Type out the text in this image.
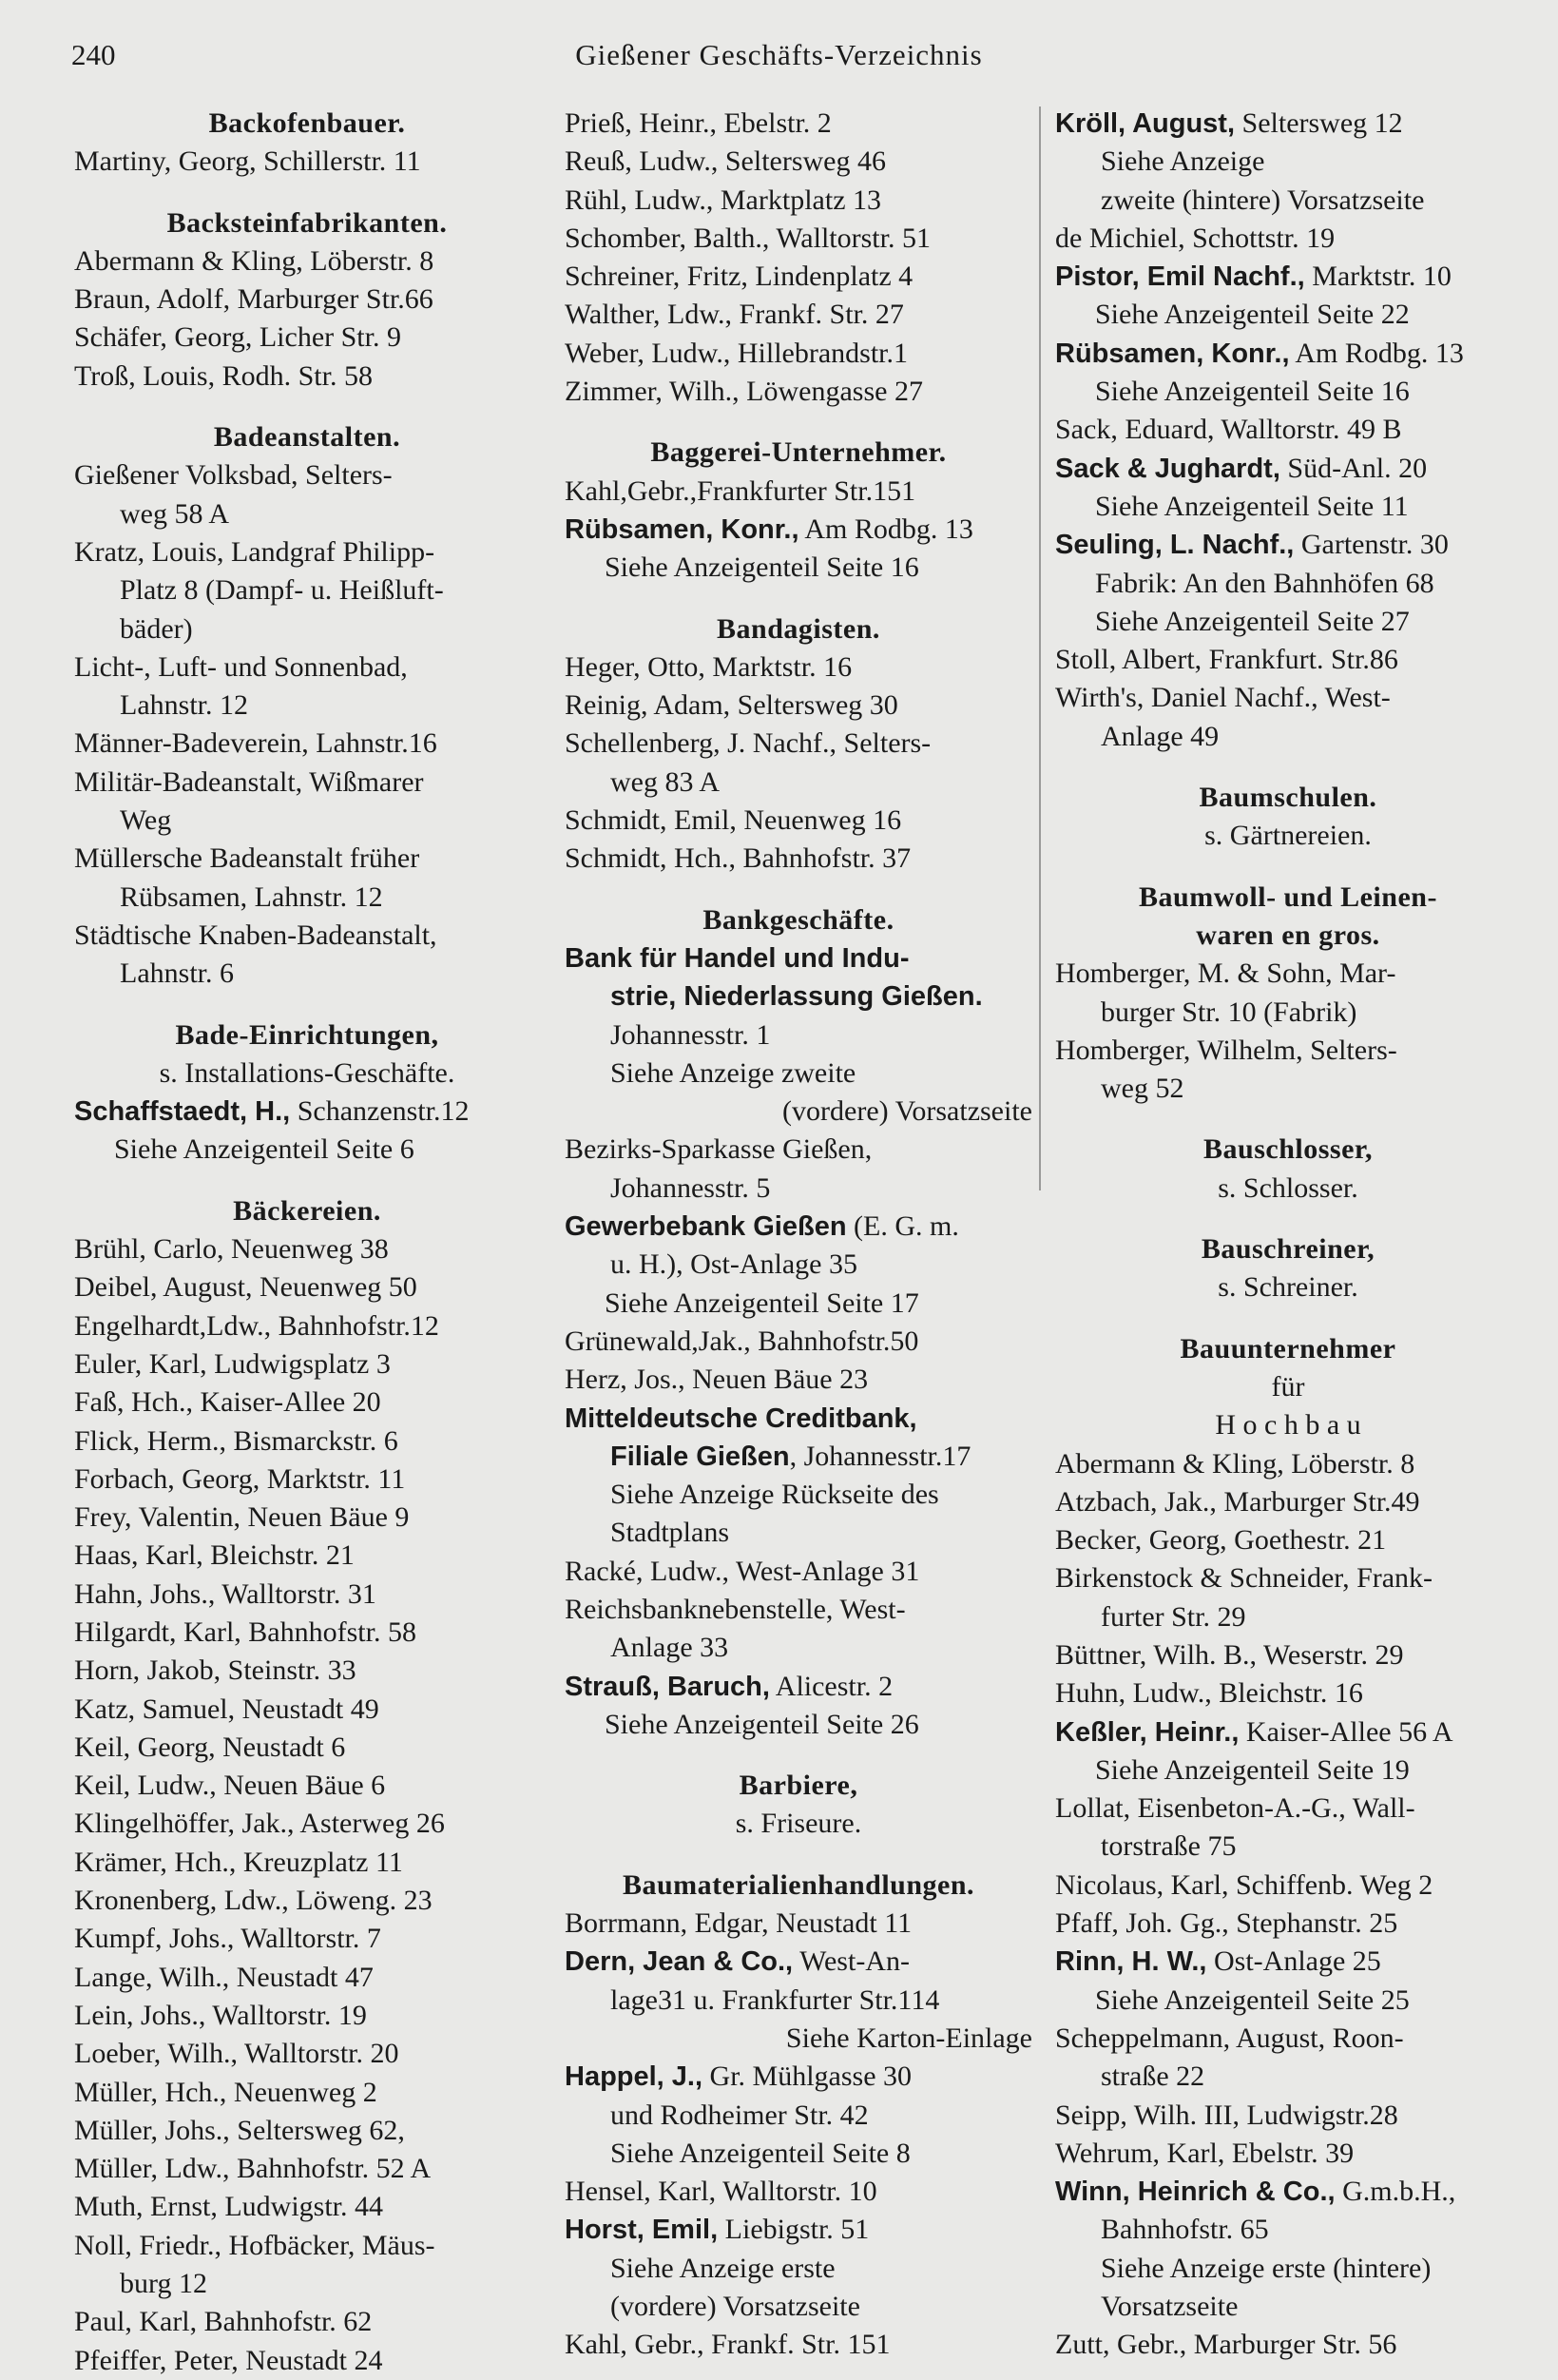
240	Gießener Geschäfts-Verzeichnis
Backofenbauer.
Martiny, Georg, Schillerstr. 11
Backsteinfabrikanten.
Abermann & Kling, Löberstr. 8
Braun, Adolf, Marburger Str.66
Schäfer, Georg, Licher Str. 9
Troß, Louis, Rodh. Str. 58
Badeanstalten.
Gießener Volksbad, Selters-
weg 58 A
Kratz, Louis, Landgraf Philipp-
Platz 8 (Dampf- u. Heißluft-
bäder)
Licht-, Luft- und Sonnenbad,
Lahnstr. 12
Männer-Badeverein, Lahnstr.16
Militär-Badeanstalt, Wißmarer
Weg
Müllersche Badeanstalt früher
Rübsamen, Lahnstr. 12
Städtische Knaben-Badeanstalt,
Lahnstr. 6
Bade-Einrichtungen,
s. Installations-Geschäfte.
Schaffstaedt, H., Schanzenstr.12
Siehe Anzeigenteil Seite 6
Bäckereien.
Brühl, Carlo, Neuenweg 38
Deibel, August, Neuenweg 50
Engelhardt,Ldw., Bahnhofstr.12
Euler, Karl, Ludwigsplatz 3
Faß, Hch., Kaiser-Allee 20
Flick, Herm., Bismarckstr. 6
Forbach, Georg, Marktstr. 11
Frey, Valentin, Neuen Bäue 9
Haas, Karl, Bleichstr. 21
Hahn, Johs., Walltorstr. 31
Hilgardt, Karl, Bahnhofstr. 58
Horn, Jakob, Steinstr. 33
Katz, Samuel, Neustadt 49
Keil, Georg, Neustadt 6
Keil, Ludw., Neuen Bäue 6
Klingelhöffer, Jak., Asterweg 26
Krämer, Hch., Kreuzplatz 11
Kronenberg, Ldw., Löweng. 23
Kumpf, Johs., Walltorstr. 7
Lange, Wilh., Neustadt 47
Lein, Johs., Walltorstr. 19
Loeber, Wilh., Walltorstr. 20
Müller, Hch., Neuenweg 2
Müller, Johs., Seltersweg 62,
Müller, Ldw., Bahnhofstr. 52 A
Muth, Ernst, Ludwigstr. 44
Noll, Friedr., Hofbäcker, Mäus-
burg 12
Paul, Karl, Bahnhofstr. 62
Pfeiffer, Peter, Neustadt 24
Prieß, Heinr., Ebelstr. 2
Reuß, Ludw., Seltersweg 46
Rühl, Ludw., Marktplatz 13
Schomber, Balth., Walltorstr. 51
Schreiner, Fritz, Lindenplatz 4
Walther, Ldw., Frankf. Str. 27
Weber, Ludw., Hillebrandstr.1
Zimmer, Wilh., Löwengasse 27
Baggerei-Unternehmer.
Kahl,Gebr.,Frankfurter Str.151
Rübsamen, Konr., Am Rodbg. 13
Siehe Anzeigenteil Seite 16
Bandagisten.
Heger, Otto, Marktstr. 16
Reinig, Adam, Seltersweg 30
Schellenberg, J. Nachf., Selters-
weg 83 A
Schmidt, Emil, Neuenweg 16
Schmidt, Hch., Bahnhofstr. 37
Bankgeschäfte.
Bank für Handel und Indu-
strie, Niederlassung Gießen.
Johannesstr. 1
Siehe Anzeige zweite
(vordere) Vorsatzseite
Bezirks-Sparkasse Gießen,
Johannesstr. 5
Gewerbebank Gießen (E. G. m.
u. H.), Ost-Anlage 35
Siehe Anzeigenteil Seite 17
Grünewald,Jak., Bahnhofstr.50
Herz, Jos., Neuen Bäue 23
Mitteldeutsche Creditbank,
Filiale Gießen, Johannesstr.17
Siehe Anzeige Rückseite des
Stadtplans
Racké, Ludw., West-Anlage 31
Reichsbanknebenstelle, West-
Anlage 33
Strauß, Baruch, Alicestr. 2
Siehe Anzeigenteil Seite 26
Barbiere,
s. Friseure.
Baumaterialienhandlungen.
Borrmann, Edgar, Neustadt 11
Dern, Jean & Co., West-An-
lage31 u. Frankfurter Str.114
Siehe Karton-Einlage
Happel, J., Gr. Mühlgasse 30
und Rodheimer Str. 42
Siehe Anzeigenteil Seite 8
Hensel, Karl, Walltorstr. 10
Horst, Emil, Liebigstr. 51
Siehe Anzeige erste
(vordere) Vorsatzseite
Kahl, Gebr., Frankf. Str. 151
Kröll, August, Seltersweg 12
Siehe Anzeige
zweite (hintere) Vorsatzseite
de Michiel, Schottstr. 19
Pistor, Emil Nachf., Marktstr. 10
Siehe Anzeigenteil Seite 22
Rübsamen, Konr., Am Rodbg. 13
Siehe Anzeigenteil Seite 16
Sack, Eduard, Walltorstr. 49 B
Sack & Jughardt, Süd-Anl. 20
Siehe Anzeigenteil Seite 11
Seuling, L. Nachf., Gartenstr. 30
Fabrik: An den Bahnhöfen 68
Siehe Anzeigenteil Seite 27
Stoll, Albert, Frankfurt. Str.86
Wirth's, Daniel Nachf., West-
Anlage 49
Baumschulen.
s. Gärtnereien.
Baumwoll- und Leinen-
waren en gros.
Homberger, M. & Sohn, Mar-
burger Str. 10 (Fabrik)
Homberger, Wilhelm, Selters-
weg 52
Bauschlosser,
s. Schlosser.
Bauschreiner,
s. Schreiner.
Bauunternehmer
für
H o c h b a u
Abermann & Kling, Löberstr. 8
Atzbach, Jak., Marburger Str.49
Becker, Georg, Goethestr. 21
Birkenstock & Schneider, Frank-
furter Str. 29
Büttner, Wilh. B., Weserstr. 29
Huhn, Ludw., Bleichstr. 16
Keßler, Heinr., Kaiser-Allee 56 A
Siehe Anzeigenteil Seite 19
Lollat, Eisenbeton-A.-G., Wall-
torstraße 75
Nicolaus, Karl, Schiffenb. Weg 2
Pfaff, Joh. Gg., Stephanstr. 25
Rinn, H. W., Ost-Anlage 25
Siehe Anzeigenteil Seite 25
Scheppelmann, August, Roon-
straße 22
Seipp, Wilh. III, Ludwigstr.28
Wehrum, Karl, Ebelstr. 39
Winn, Heinrich & Co., G.m.b.H.,
Bahnhofstr. 65
Siehe Anzeige erste (hintere)
Vorsatzseite
Zutt, Gebr., Marburger Str. 56
